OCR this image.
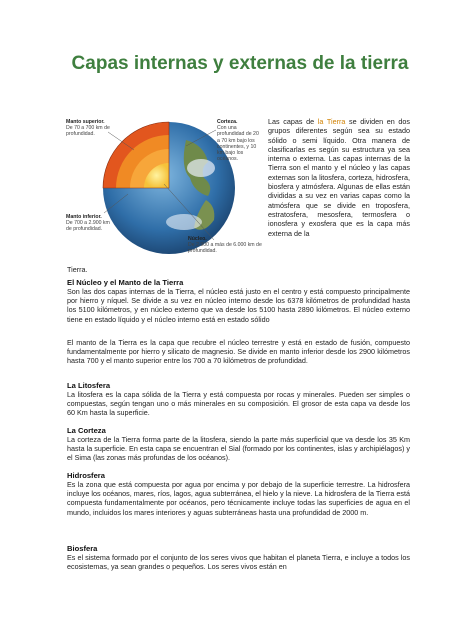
Capas internas y externas de la tierra
Manto superior.
De 70 a 700 km de profundidad.
Corteza.
Con una profundidad de 20 a 70 km bajo los continentes, y 10 km bajo los océanos.
Manto inferior.
De 700 a 2.900 km de profundidad.
Núcleo.
De 2.900 a más de 6.000 km de profundidad.
Las capas de la Tierra se dividen en dos grupos diferentes según sea su estado sólido o semi líquido. Otra manera de clasificarlas es según su estructura ya sea interna o externa. Las capas internas de la Tierra son el manto y el núcleo y las capas externas son la litosfera, corteza, hidrosfera, biosfera y atmósfera. Algunas de ellas están divididas a su vez en varias capas como la atmósfera que se divide en troposfera, estratosfera, mesosfera, termosfera o ionosfera y exosfera que es la capa más externa de la
Tierra.
El Núcleo y el Manto de la Tierra

Son las dos capas internas de la Tierra, el núcleo está justo en el centro y está compuesto principalmente por hierro y níquel. Se divide a su vez en núcleo interno desde los 6378 kilómetros de profundidad hasta los 5100 kilómetros, y en núcleo externo que va desde los 5100 hasta 2890 kilómetros. El núcleo externo tiene en estado líquido y el núcleo interno está en estado sólido

El manto de la Tierra es la capa que recubre el núcleo terrestre y está en estado de fusión, compuesto fundamentalmente por hierro y silicato de magnesio. Se divide en manto inferior desde los 2900 kilómetros hasta 700 y el manto superior entre los 700 a 70 kilómetros de profundidad.

La Litosfera

La litosfera es la capa sólida de la Tierra y está compuesta por rocas y minerales. Pueden ser simples o compuestas, según tengan uno o más minerales en su composición. El grosor de esta capa va desde los 60 Km hasta la superficie.

La Corteza

La corteza de la Tierra forma parte de la litosfera, siendo la parte más superficial que va desde los 35 Km hasta la superficie. En esta capa se encuentran el Sial (formado por los continentes, islas y archipiélagos) y el Sima (las zonas más profundas de los océanos).

Hidrosfera

Es la zona que está compuesta por agua por encima y por debajo de la superficie terrestre. La hidrosfera incluye los océanos, mares, ríos, lagos, agua subterránea, el hielo y la nieve. La hidrosfera de la Tierra está compuesta fundamentalmente por océanos, pero técnicamente incluye todas las superficies de agua en el mundo, incluidos los mares interiores y aguas subterráneas hasta una profundidad de 2000 m.

Biosfera

Es el sistema formado por el conjunto de los seres vivos que habitan el planeta Tierra, e incluye a todos los ecosistemas, ya sean grandes o pequeños. Los seres vivos están en
